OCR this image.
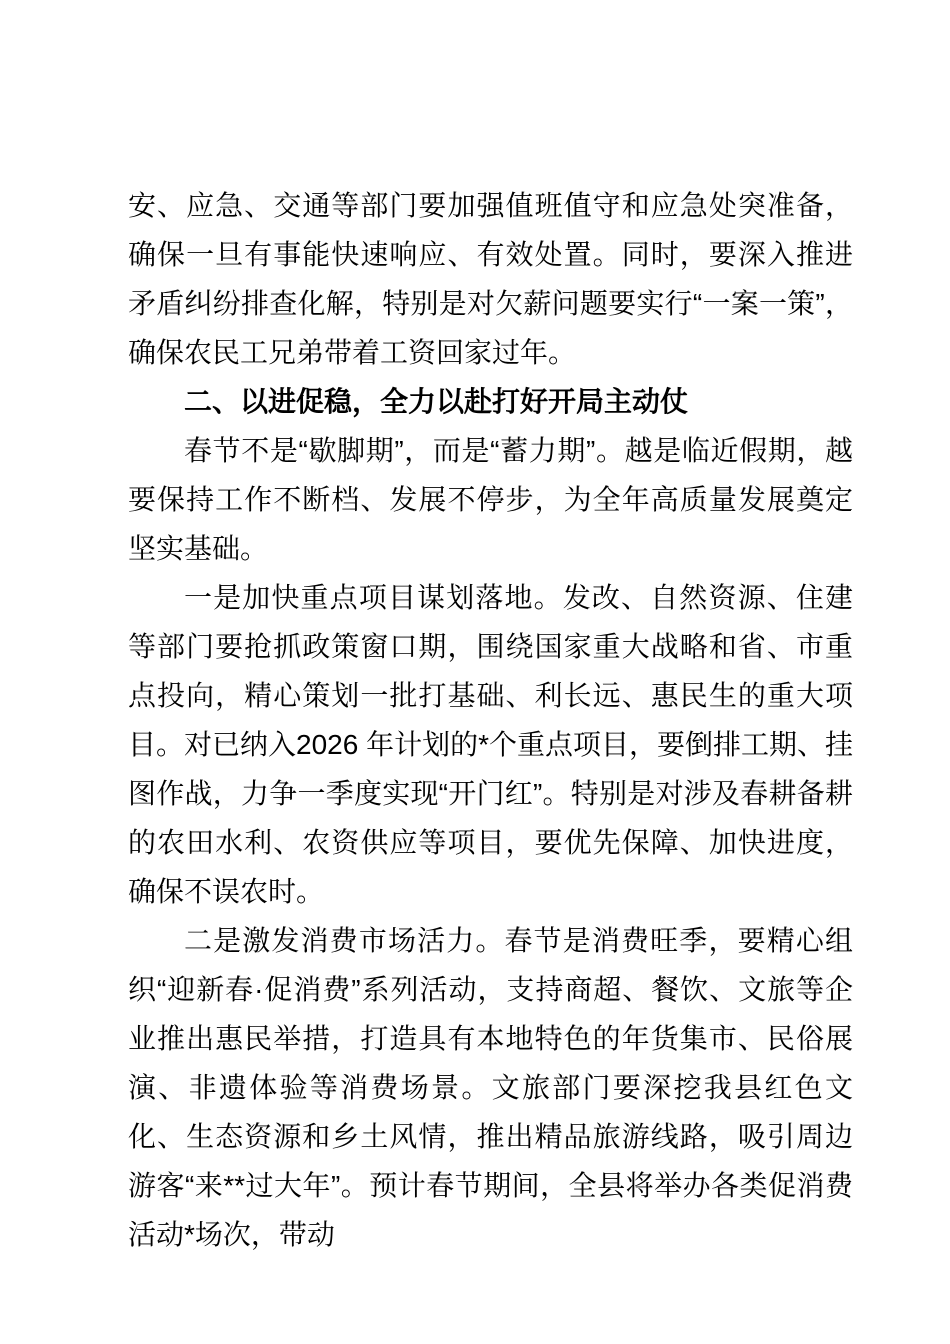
安、应急、交通等部门要加强值班值守和应急处突准备，确保一旦有事能快速响应、有效处置。同时，要深入推进矛盾纠纷排查化解，特别是对欠薪问题要实行“一案一策”，确保农民工兄弟带着工资回家过年。

二、以进促稳，全力以赴打好开局主动仗

春节不是“歇脚期”，而是“蓄力期”。越是临近假期，越要保持工作不断档、发展不停步，为全年高质量发展奠定坚实基础。

一是加快重点项目谋划落地。发改、自然资源、住建等部门要抢抓政策窗口期，围绕国家重大战略和省、市重点投向，精心策划一批打基础、利长远、惠民生的重大项目。对已纳入2026 年计划的*个重点项目，要倒排工期、挂图作战，力争一季度实现“开门红”。特别是对涉及春耕备耕的农田水利、农资供应等项目，要优先保障、加快进度，确保不误农时。

二是激发消费市场活力。春节是消费旺季，要精心组织“迎新春·促消费”系列活动，支持商超、餐饮、文旅等企业推出惠民举措，打造具有本地特色的年货集市、民俗展演、非遗体验等消费场景。文旅部门要深挖我县红色文化、生态资源和乡土风情，推出精品旅游线路，吸引周边游客“来**过大年”。预计春节期间，全县将举办各类促消费活动*场次，带动
